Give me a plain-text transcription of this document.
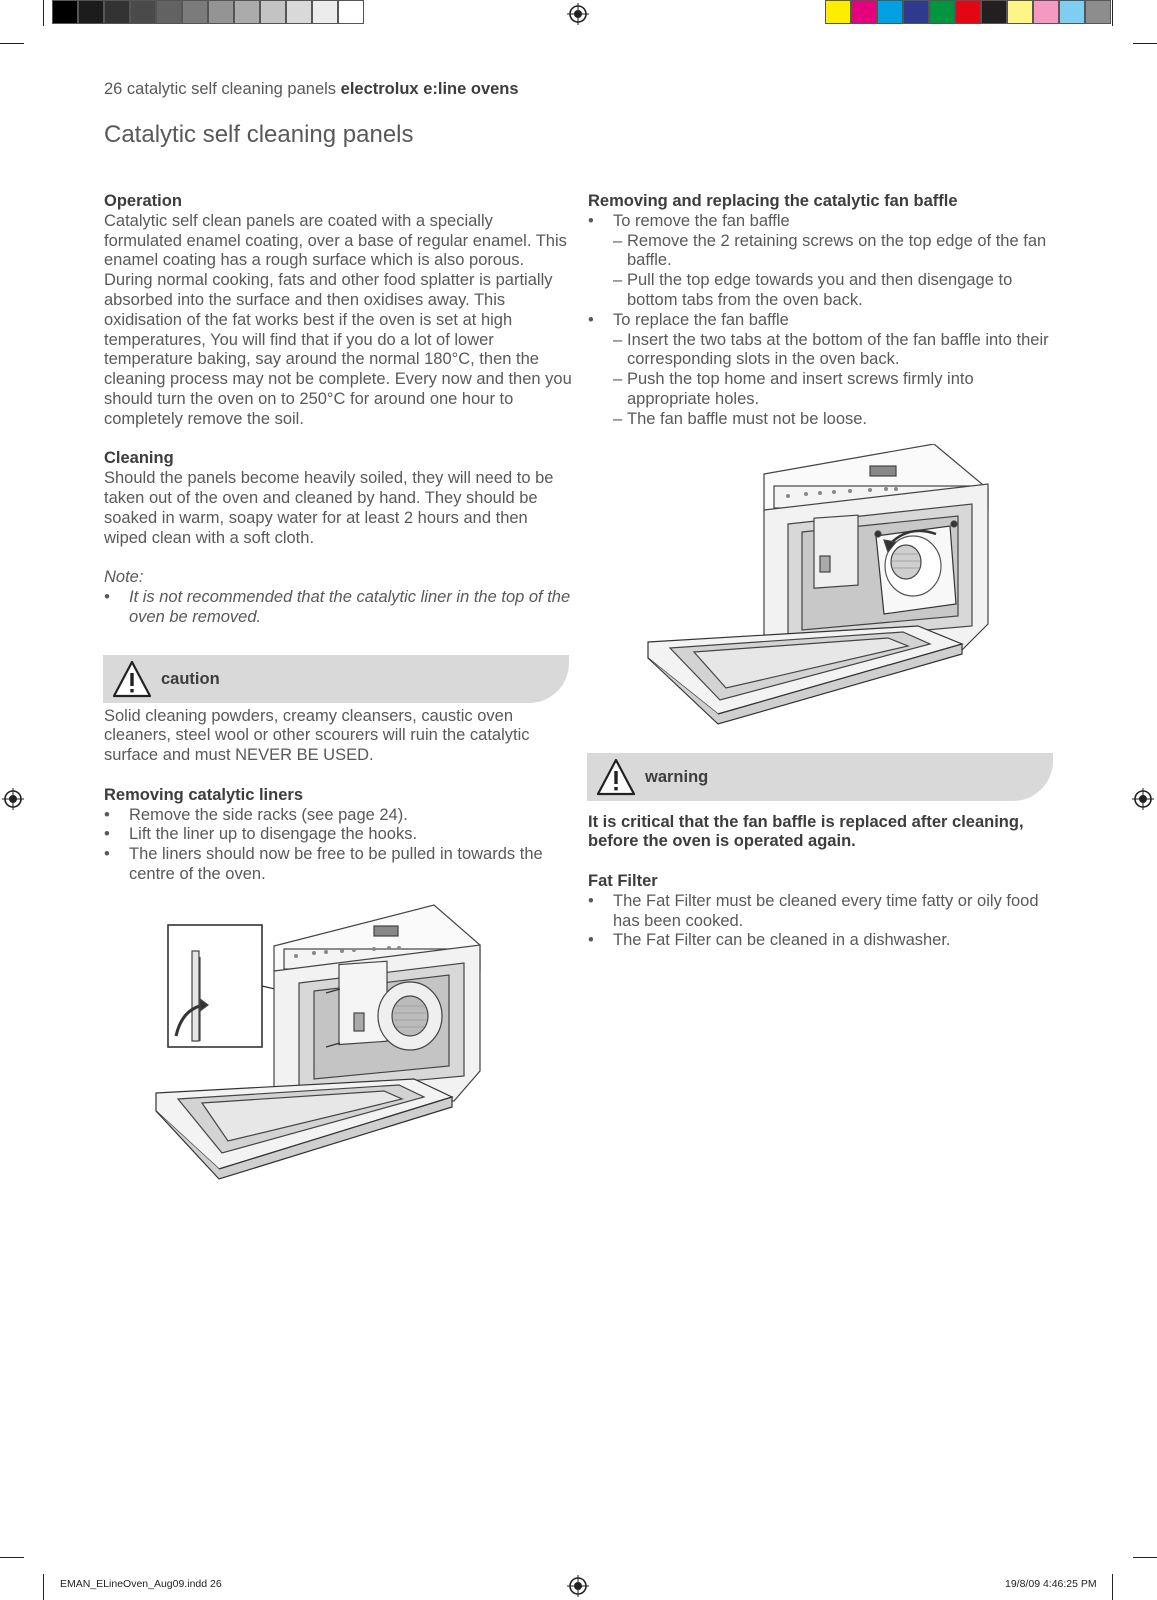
26 catalytic self cleaning panels electrolux e:line ovens
Catalytic self cleaning panels

Operation

Catalytic self clean panels are coated with a specially formulated enamel coating, over a base of regular enamel. This enamel coating has a rough surface which is also porous. During normal cooking, fats and other food splatter is partially absorbed into the surface and then oxidises away. This oxidisation of the fat works best if the oven is set at high temperatures, You will find that if you do a lot of lower temperature baking, say around the normal 180°C, then the cleaning process may not be complete. Every now and then you should turn the oven on to 250°C for around one hour to completely remove the soil.

Cleaning

Should the panels become heavily soiled, they will need to be taken out of the oven and cleaned by hand. They should be soaked in warm, soapy water for at least 2 hours and then wiped clean with a soft cloth.

Note:

• It is not recommended that the catalytic liner in the top of the oven be removed.
caution

Solid cleaning powders, creamy cleansers, caustic oven cleaners, steel wool or other scourers will ruin the catalytic surface and must NEVER BE USED.

Removing catalytic liners

• Remove the side racks (see page 24).
• Lift the liner up to disengage the hooks.
• The liners should now be free to be pulled in towards the centre of the oven.

Removing and replacing the catalytic fan baffle

• To remove the fan baffle
– Remove the 2 retaining screws on the top edge of the fan baffle.
– Pull the top edge towards you and then disengage to bottom tabs from the oven back.
• To replace the fan baffle
– Insert the two tabs at the bottom of the fan baffle into their corresponding slots in the oven back.
– Push the top home and insert screws firmly into appropriate holes.
– The fan baffle must not be loose.
warning

It is critical that the fan baffle is replaced after cleaning, before the oven is operated again.

Fat Filter

• The Fat Filter must be cleaned every time fatty or oily food has been cooked.
• The Fat Filter can be cleaned in a dishwasher.
EMAN_ELineOven_Aug09.indd 26	19/8/09 4:46:25 PM
